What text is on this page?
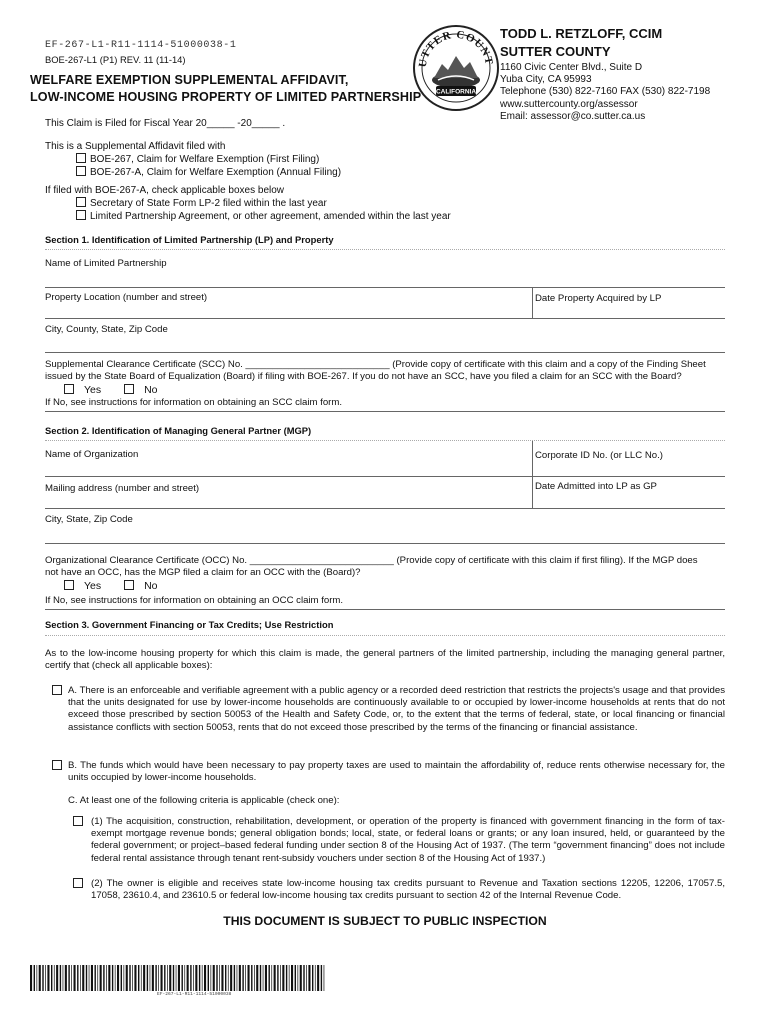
EF-267-L1-R11-1114-51000038-1
BOE-267-L1 (P1) REV. 11 (11-14)
WELFARE EXEMPTION SUPPLEMENTAL AFFIDAVIT,
LOW-INCOME HOUSING PROPERTY OF LIMITED PARTNERSHIP
This Claim is Filed for Fiscal Year 20_____ -20_____ .
UTTER COUNT
CALIFORNIA
TODD L. RETZLOFF, CCIM
SUTTER COUNTY
1160 Civic Center Blvd., Suite D
Yuba City, CA 95993
Telephone (530) 822-7160 FAX (530) 822-7198
www.suttercounty.org/assessor
Email: assessor@co.sutter.ca.us
This is a Supplemental Affidavit filed with
BOE-267, Claim for Welfare Exemption (First Filing)
BOE-267-A, Claim for Welfare Exemption (Annual Filing)
If filed with BOE-267-A, check applicable boxes below
Secretary of State Form LP-2 filed within the last year
Limited Partnership Agreement, or other agreement, amended within the last year
Section 1. Identification of Limited Partnership (LP) and Property
Name of Limited Partnership
Property Location (number and street)	Date Property Acquired by LP
City, County, State, Zip Code
Supplemental Clearance Certificate (SCC) No. ___________________________ (Provide copy of certificate with this claim and a copy of the Finding Sheet
issued by the State Board of Equalization (Board) if filing with BOE-267. If you do not have an SCC, have you filed a claim for an SCC with the Board?
Yes	No
If No, see instructions for information on obtaining an SCC claim form.
Section 2. Identification of Managing General Partner (MGP)
Name of Organization	Corporate ID No. (or LLC No.)
Mailing address (number and street)	Date Admitted into LP as GP
City, State, Zip Code
Organizational Clearance Certificate (OCC) No. ___________________________ (Provide copy of certificate with this claim if first filing). If the MGP does
not have an OCC, has the MGP filed a claim for an OCC with the (Board)?
Yes	No
If No, see instructions for information on obtaining an OCC claim form.
Section 3. Government Financing or Tax Credits; Use Restriction
As to the low-income housing property for which this claim is made, the general partners of the limited partnership, including the managing general partner, certify that (check all applicable boxes):
A. There is an enforceable and verifiable agreement with a public agency or a recorded deed restriction that restricts the projects's usage and that provides that the units designated for use by lower-income households are continuously available to or occupied by lower-income households at rents that do not exceed those prescribed by section 50053 of the Health and Safety Code, or, to the extent that the terms of federal, state, or local financing or financial assistance conflicts with section 50053, rents that do not exceed those prescribed by the terms of the financing or financial assistance.
B. The funds which would have been necessary to pay property taxes are used to maintain the affordability of, reduce rents otherwise necessary for, the units occupied by lower-income households.
C. At least one of the following criteria is applicable (check one):
(1) The acquisition, construction, rehabilitation, development, or operation of the property is financed with government financing in the form of tax-exempt mortgage revenue bonds; general obligation bonds; local, state, or federal loans or grants; or any loan insured, held, or guaranteed by the federal government; or project–based federal funding under section 8 of the Housing Act of 1937. (The term “government financing” does not include federal rental assistance through tenant rent-subsidy vouchers under section 8 of the Housing Act of 1937.)
(2) The owner is eligible and receives state low-income housing tax credits pursuant to Revenue and Taxation sections 12205, 12206, 17057.5, 17058, 23610.4, and 23610.5 or federal low-income housing tax credits pursuant to section 42 of the Internal Revenue Code.
THIS DOCUMENT IS SUBJECT TO PUBLIC INSPECTION
EF-267-L1-R11-1114-51000038
